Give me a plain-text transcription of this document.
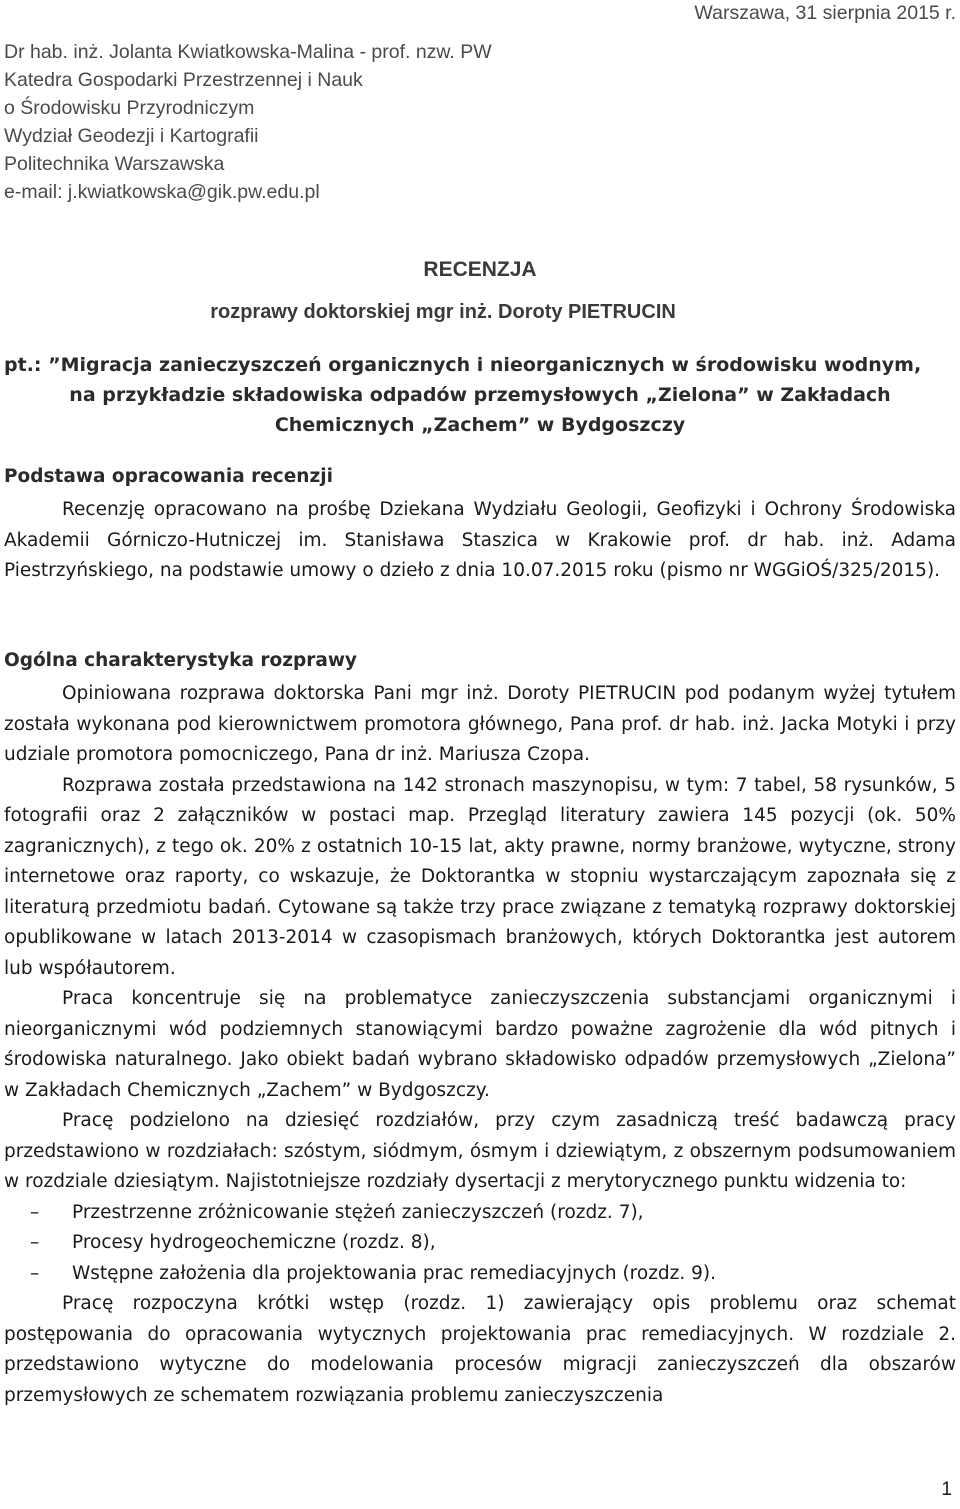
Warszawa, 31 sierpnia 2015 r.
Dr hab. inż. Jolanta Kwiatkowska-Malina - prof. nzw. PW
Katedra Gospodarki Przestrzennej i Nauk
o Środowisku Przyrodniczym
Wydział Geodezji i Kartografii
Politechnika Warszawska
e-mail: j.kwiatkowska@gik.pw.edu.pl
RECENZJA
rozprawy doktorskiej mgr inż. Doroty PIETRUCIN
pt.: ”Migracja zanieczyszczeń organicznych i nieorganicznych w środowisku wodnym,
na przykładzie składowiska odpadów przemysłowych „Zielona” w Zakładach Chemicznych „Zachem” w Bydgoszczy

Podstawa opracowania recenzji

Recenzję opracowano na prośbę Dziekana Wydziału Geologii, Geofizyki i Ochrony Środowiska Akademii Górniczo-Hutniczej im. Stanisława Staszica w Krakowie prof. dr hab. inż. Adama Piestrzyńskiego, na podstawie umowy o dzieło z dnia 10.07.2015 roku (pismo nr WGGiOŚ/325/2015).

Ogólna charakterystyka rozprawy

Opiniowana rozprawa doktorska Pani mgr inż. Doroty PIETRUCIN pod podanym wyżej tytułem została wykonana pod kierownictwem promotora głównego, Pana prof. dr hab. inż. Jacka Motyki i przy udziale promotora pomocniczego, Pana dr inż. Mariusza Czopa.

Rozprawa została przedstawiona na 142 stronach maszynopisu, w tym: 7 tabel, 58 rysunków, 5 fotografii oraz 2 załączników w postaci map. Przegląd literatury zawiera 145 pozycji (ok. 50% zagranicznych), z tego ok. 20% z ostatnich 10-15 lat, akty prawne, normy branżowe, wytyczne, strony internetowe oraz raporty, co wskazuje, że Doktorantka w stopniu wystarczającym zapoznała się z literaturą przedmiotu badań. Cytowane są także trzy prace związane z tematyką rozprawy doktorskiej opublikowane w latach 2013-2014 w czasopismach branżowych, których Doktorantka jest autorem lub współautorem.

Praca koncentruje się na problematyce zanieczyszczenia substancjami organicznymi i nieorganicznymi wód podziemnych stanowiącymi bardzo poważne zagrożenie dla wód pitnych i środowiska naturalnego. Jako obiekt badań wybrano składowisko odpadów przemysłowych „Zielona” w Zakładach Chemicznych „Zachem” w Bydgoszczy.

Pracę podzielono na dziesięć rozdziałów, przy czym zasadniczą treść badawczą pracy przedstawiono w rozdziałach: szóstym, siódmym, ósmym i dziewiątym, z obszernym podsumowaniem w rozdziale dziesiątym. Najistotniejsze rozdziały dysertacji z merytorycznego punktu widzenia to:

– Przestrzenne zróżnicowanie stężeń zanieczyszczeń (rozdz. 7),
– Procesy hydrogeochemiczne (rozdz. 8),
– Wstępne założenia dla projektowania prac remediacyjnych (rozdz. 9).

Pracę rozpoczyna krótki wstęp (rozdz. 1) zawierający opis problemu oraz schemat postępowania do opracowania wytycznych projektowania prac remediacyjnych. W rozdziale 2. przedstawiono wytyczne do modelowania procesów migracji zanieczyszczeń dla obszarów przemysłowych ze schematem rozwiązania problemu zanieczyszczenia

1
